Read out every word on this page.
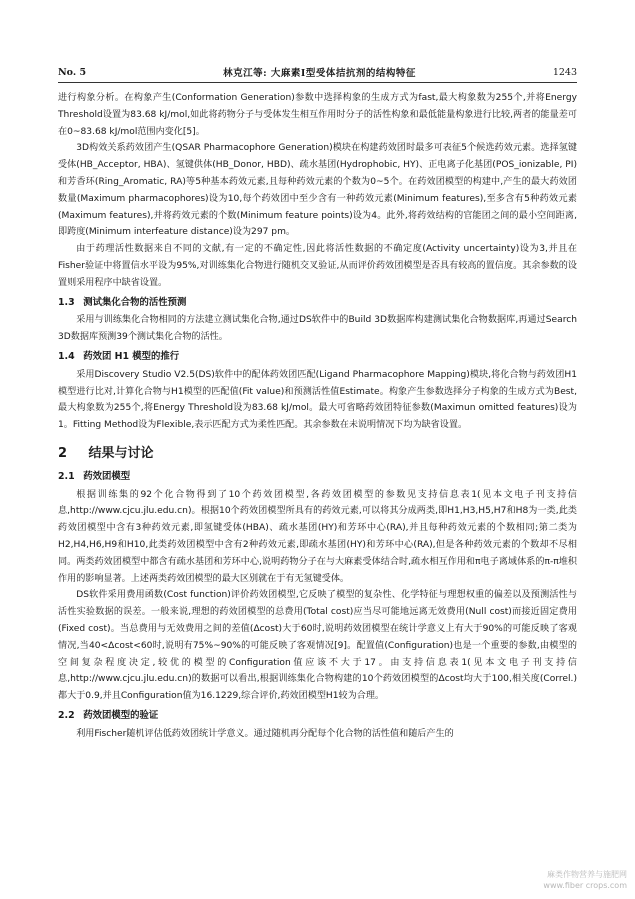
No. 5	林克江等: 大麻素Ⅰ型受体拮抗剂的结构特征	1243

进行构象分析。在构象产生(Conformation Generation)参数中选择构象的生成方式为fast,最大构象数为255个,并将Energy Threshold设置为83.68 kJ/mol,如此将药物分子与受体发生相互作用时分子的活性构象和最低能量构象进行比较,两者的能量差可在0~83.68 kJ/mol范围内变化[5]。

3D构效关系药效团产生(QSAR Pharmacophore Generation)模块在构建药效团时最多可表征5个候选药效元素。选择氢键受体(HB_Acceptor, HBA)、氢键供体(HB_Donor, HBD)、疏水基团(Hydrophobic, HY)、正电离子化基团(POS_ionizable, PI)和芳香环(Ring_Aromatic, RA)等5种基本药效元素,且每种药效元素的个数为0~5个。在药效团模型的构建中,产生的最大药效团数量(Maximum pharmacophores)设为10,每个药效团中至少含有一种药效元素(Minimum features),至多含有5种药效元素(Maximum features),并将药效元素的个数(Minimum feature points)设为4。此外,将药效结构的官能团之间的最小空间距离,即跨度(Minimum interfeature distance)设为297 pm。

由于药理活性数据来自不同的文献,有一定的不确定性,因此将活性数据的不确定度(Activity uncertainty)设为3,并且在Fisher验证中将置信水平设为95%,对训练集化合物进行随机交叉验证,从而评价药效团模型是否具有较高的置信度。其余参数的设置则采用程序中缺省设置。

1.3 测试集化合物的活性预测

采用与训练集化合物相同的方法建立测试集化合物,通过DS软件中的Build 3D数据库构建测试集化合物数据库,再通过Search 3D数据库预测39个测试集化合物的活性。

1.4 药效团 H1 模型的推行

采用Discovery Studio V2.5(DS)软件中的配体药效团匹配(Ligand Pharmacophore Mapping)模块,将化合物与药效团H1模型进行比对,计算化合物与H1模型的匹配值(Fit value)和预测活性值Estimate。构象产生参数选择分子构象的生成方式为Best,最大构象数为255个,将Energy Threshold设为83.68 kJ/mol。最大可省略药效团特征参数(Maximun omitted features)设为1。Fitting Method设为Flexible,表示匹配方式为柔性匹配。其余参数在未说明情况下均为缺省设置。

2 结果与讨论
2.1 药效团模型

根据训练集的92个化合物得到了10个药效团模型,各药效团模型的参数见支持信息表1(见本文电子刊支持信息,http://www.cjcu.jlu.edu.cn)。根据10个药效团模型所具有的药效元素,可以将其分成两类,即H1,H3,H5,H7和H8为一类,此类药效团模型中含有3种药效元素,即氢键受体(HBA)、疏水基团(HY)和芳环中心(RA),并且每种药效元素的个数相同;第二类为H2,H4,H6,H9和H10,此类药效团模型中含有2种药效元素,即疏水基团(HY)和芳环中心(RA),但是各种药效元素的个数却不尽相同。两类药效团模型中都含有疏水基团和芳环中心,说明药物分子在与大麻素受体结合时,疏水相互作用和π电子离域体系的π-π堆积作用的影响显著。上述两类药效团模型的最大区别就在于有无氢键受体。

DS软件采用费用函数(Cost function)评价药效团模型,它反映了模型的复杂性、化学特征与理想权重的偏差以及预测活性与活性实验数据的误差。一般来说,理想的药效团模型的总费用(Total cost)应当尽可能地远离无效费用(Null cost)而接近固定费用(Fixed cost)。当总费用与无效费用之间的差值(Δcost)大于60时,说明药效团模型在统计学意义上有大于90%的可能反映了客观情况,当40<Δcost<60时,说明有75%~90%的可能反映了客观情况[9]。配置值(Configuration)也是一个重要的参数,由模型的空间复杂程度决定,较优的模型的Configuration值应该不大于17。由支持信息表1(见本文电子刊支持信息,http://www.cjcu.jlu.edu.cn)的数据可以看出,根据训练集化合物构建的10个药效团模型的Δcost均大于100,相关度(Correl.)都大于0.9,并且Configuration值为16.1229,综合评价,药效团模型H1较为合理。

2.2 药效团模型的验证

利用Fischer随机评估低药效团统计学意义。通过随机再分配每个化合物的活性值和随后产生的

麻类作物营养与施肥网
www.fiber crops.com
